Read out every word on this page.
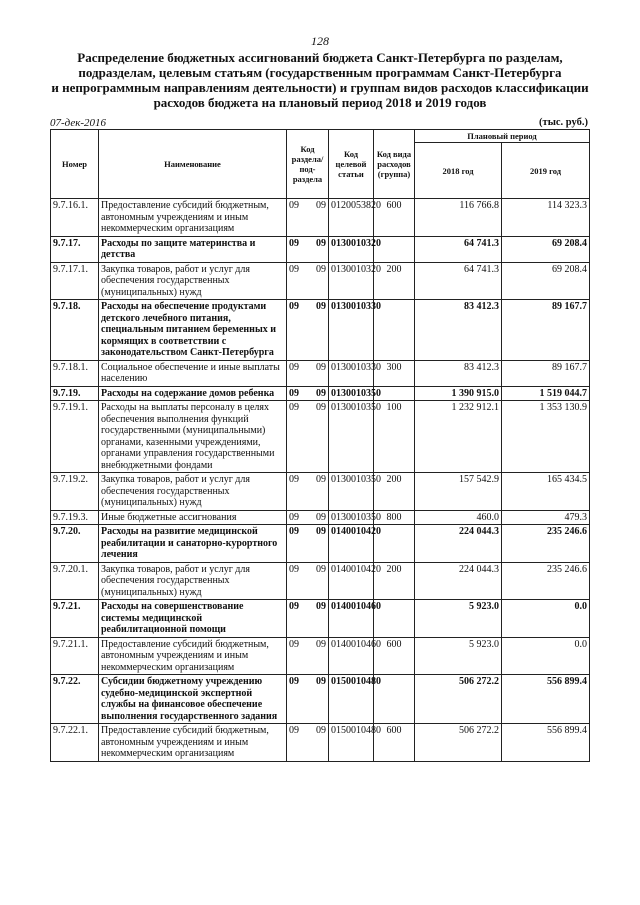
128
Распределение бюджетных ассигнований бюджета Санкт-Петербурга по разделам,
подразделам, целевым статьям (государственным программам Санкт-Петербурга
и непрограммным направлениям деятельности) и группам видов расходов классификации
расходов бюджета на плановый период 2018 и 2019 годов
07-дек-2016	(тыс. руб.)
Номер	Наименование	Код раздела/ под-раздела	Код целевой статьи	Код вида расходов (группа)	Плановый период	
					2018 год	2019 год
9.7.16.1.	Предоставление субсидий бюджетным, автономным учреждениям и иным некоммерческим организациям	09 09	0120053820	600	116 766.8	114 323.3
9.7.17.	Расходы по защите материнства и детства	09 09	0130010320		64 741.3	69 208.4
9.7.17.1.	Закупка товаров, работ и услуг для обеспечения государственных (муниципальных) нужд	09 09	0130010320	200	64 741.3	69 208.4
9.7.18.	Расходы на обеспечение продуктами детского лечебного питания, специальным питанием беременных и кормящих в соответствии с законодательством Санкт-Петербурга	09 09	0130010330		83 412.3	89 167.7
9.7.18.1.	Социальное обеспечение и иные выплаты населению	09 09	0130010330	300	83 412.3	89 167.7
9.7.19.	Расходы на содержание домов ребенка	09 09	0130010350		1 390 915.0	1 519 044.7
9.7.19.1.	Расходы на выплаты персоналу в целях обеспечения выполнения функций государственными (муниципальными) органами, казенными учреждениями, органами управления государственными внебюджетными фондами	09 09	0130010350	100	1 232 912.1	1 353 130.9
9.7.19.2.	Закупка товаров, работ и услуг для обеспечения государственных (муниципальных) нужд	09 09	0130010350	200	157 542.9	165 434.5
9.7.19.3.	Иные бюджетные ассигнования	09 09	0130010350	800	460.0	479.3
9.7.20.	Расходы на развитие медицинской реабилитации и санаторно-курортного лечения	09 09	0140010420		224 044.3	235 246.6
9.7.20.1.	Закупка товаров, работ и услуг для обеспечения государственных (муниципальных) нужд	09 09	0140010420	200	224 044.3	235 246.6
9.7.21.	Расходы на совершенствование системы медицинской реабилитационной помощи	09 09	0140010460		5 923.0	0.0
9.7.21.1.	Предоставление субсидий бюджетным, автономным учреждениям и иным некоммерческим организациям	09 09	0140010460	600	5 923.0	0.0
9.7.22.	Субсидии бюджетному учреждению судебно-медицинской экспертной службы на финансовое обеспечение выполнения государственного задания	09 09	0150010480		506 272.2	556 899.4
9.7.22.1.	Предоставление субсидий бюджетным, автономным учреждениям и иным некоммерческим организациям	09 09	0150010480	600	506 272.2	556 899.4
